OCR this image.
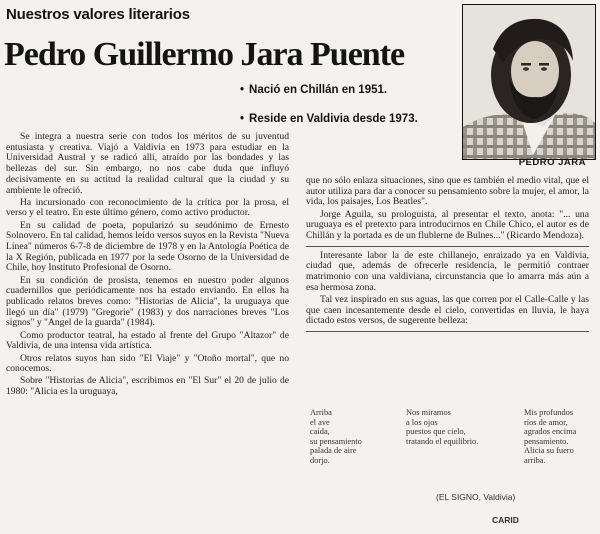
Nuestros valores literarios
Pedro Guillermo Jara Puente
PEDRO JARA
• Nació en Chillán en 1951.
• Reside en Valdivia desde 1973.

Se integra a nuestra serie con todos los méritos de su juventud entusiasta y creativa. Viajó a Valdivia en 1973 para estudiar en la Universidad Austral y se radicó allí, atraído por las bondades y las bellezas del sur. Sin embargo, no nos cabe duda que influyó decisivamente en su actitud la realidad cultural que la ciudad y su ambiente le ofreció.

Ha incursionado con reconocimiento de la crítica por la prosa, el verso y el teatro. En este último género, como activo productor.

En su calidad de poeta, popularizó su seudónimo de Ernesto Solnovero. En tal calidad, hemos leído versos suyos en la Revista "Nueva Línea" números 6-7-8 de diciembre de 1978 y en la Antología Poética de la X Región, publicada en 1977 por la sede Osorno de la Universidad de Chile, hoy Instituto Profesional de Osorno.

En su condición de prosista, tenemos en nuestro poder algunos cuadernillos que periódicamente nos ha estado enviando. En ellos ha publicado relatos breves como: "Historias de Alicia", la uruguaya que llegó un día" (1979) "Gregorie" (1983) y dos narraciones breves "Los signos" y "Angel de la guarda" (1984).

Como productor teatral, ha estado al frente del Grupo "Altazor" de Valdivia, de una intensa vida artística.

Otros relatos suyos han sido "El Viaje" y "Otoño mortal", que no conocemos.

Sobre "Historias de Alicia", escribimos en "El Sur" el 20 de julio de 1980: "Alicia es la uruguaya,

que no sólo enlaza situaciones, sino que es también el medio vital, que el autor utiliza para dar a conocer su pensamiento sobre la mujer, el amor, la vida, los paisajes, Los Beatles".

Jorge Aguila, su prologuista, al presentar el texto, anota: "... una uruguaya es el pretexto para introducirnos en Chile Chico, el autor es de Chillán y la portada es de un flublerne de Bulnes..." (Ricardo Mendoza).

Interesante labor la de este chillanejo, enraizado ya en Valdivia, ciudad que, además de ofrecerle residencia, le permitió contraer matrimonio con una valdiviana, circunstancia que lo amarra más aún a esa hermosa zona.

Tal vez inspirado en sus aguas, las que corren por el Calle-Calle y las que caen incesantemente desde el cielo, convertidas en lluvia, le haya dictado estos versos, de sugerente belleza:

Arriba
el ave
caída,
su pensamiento
palada de aire
dorjo.
Nos miramos
a los ojos
puestos que cielo,
tratando el equilibrio.
Mis profundos
ríos de amor,
agrados encima
pensamiento.
Alicia su fuero
arriba.
(EL SIGNO, Valdivia)
CARID
